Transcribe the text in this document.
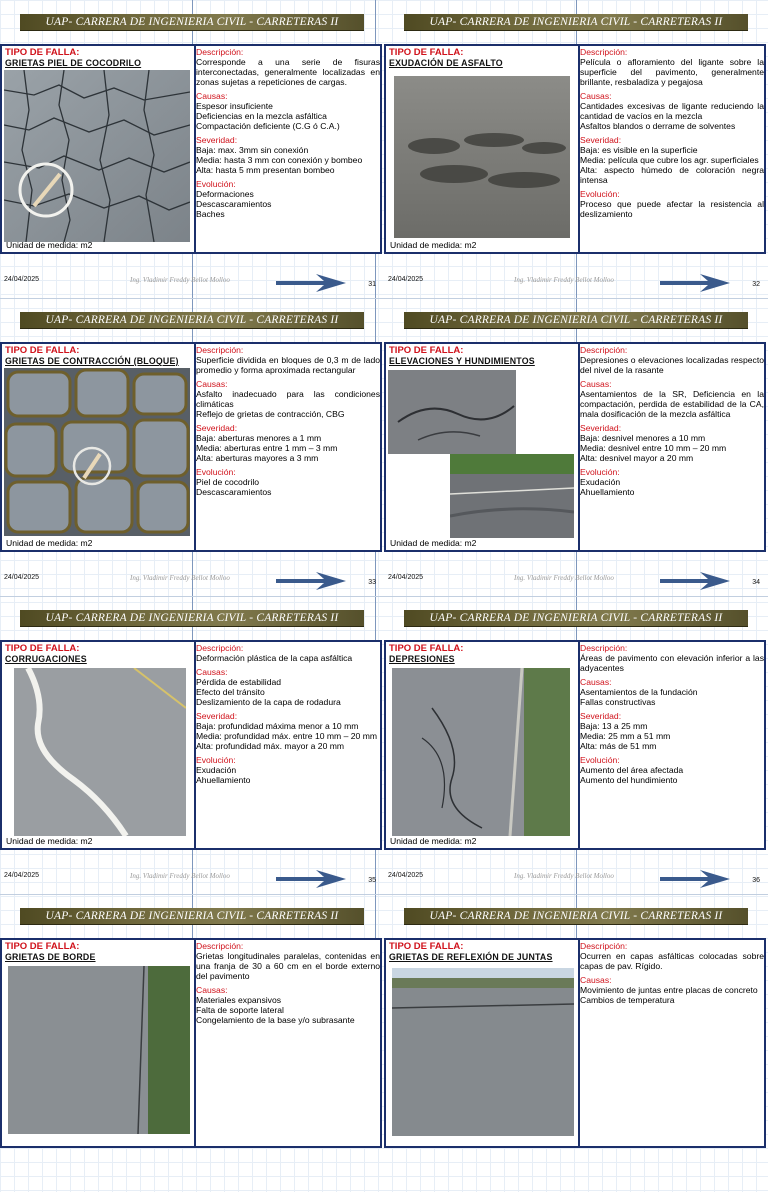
UAP- CARRERA DE INGENIERIA CIVIL - CARRETERAS II
TIPO DE FALLA:
GRIETAS PIEL DE COCODRILO
Unidad de medida: m2
Descripción:
Corresponde a una serie de fisuras interconectadas, generalmente localizadas en zonas sujetas a repeticiones de cargas.
Causas:
Espesor insuficiente
Deficiencias en la mezcla asfáltica
Compactación deficiente (C.G ó C.A.)
Severidad:
Baja: max. 3mm sin conexión
Media: hasta 3 mm con conexión y bombeo
Alta: hasta 5 mm presentan bombeo
Evolución:
Deformaciones
Descascaramientos
Baches
24/04/2025	Ing. Vladimir Freddy Bellot Molloo
31
UAP- CARRERA DE INGENIERIA CIVIL - CARRETERAS II
TIPO DE FALLA:
EXUDACIÓN DE ASFALTO
Unidad de medida: m2
Descripción:
Película o afloramiento del ligante sobre la superficie del pavimento, generalmente brillante, resbaladiza y pegajosa
Causas:
Cantidades excesivas de ligante reduciendo la cantidad de vacíos en la mezcla
Asfaltos blandos o derrame de solventes
Severidad:
Baja: es visible en la superficie
Media: película que cubre los agr. superficiales
Alta: aspecto húmedo de coloración negra intensa
Evolución:
Proceso que puede afectar la resistencia al deslizamiento
24/04/2025	Ing. Vladimir Freddy Bellot Molloo
32
UAP- CARRERA DE INGENIERIA CIVIL - CARRETERAS II
TIPO DE FALLA:
GRIETAS DE CONTRACCIÓN (BLOQUE)
Unidad de medida: m2
Descripción:
Superficie dividida en bloques de 0,3 m de lado promedio y forma aproximada rectangular
Causas:
Asfalto inadecuado para las condiciones climáticas
Reflejo de grietas de contracción, CBG
Severidad:
Baja: aberturas menores a 1 mm
Media: aberturas entre 1 mm – 3 mm
Alta: aberturas mayores a 3 mm
Evolución:
Piel de cocodrilo
Descascaramientos
24/04/2025	Ing. Vladimir Freddy Bellot Molloo
33
UAP- CARRERA DE INGENIERIA CIVIL - CARRETERAS II
TIPO DE FALLA:
ELEVACIONES Y HUNDIMIENTOS
Unidad de medida: m2
Descripción:
Depresiones o elevaciones localizadas respecto del nivel de la rasante
Causas:
Asentamientos de la SR, Deficiencia en la compactación, perdida de estabilidad de la CA, mala dosificación de la mezcla asfáltica
Severidad:
Baja: desnivel menores a 10 mm
Media: desnivel entre 10 mm – 20 mm
Alta: desnivel mayor a 20 mm
Evolución:
Exudación
Ahuellamiento
24/04/2025	Ing. Vladimir Freddy Bellot Molloo
34
UAP- CARRERA DE INGENIERIA CIVIL - CARRETERAS II
TIPO DE FALLA:
CORRUGACIONES
Unidad de medida: m2
Descripción:
Deformación plástica de la capa asfáltica
Causas:
Pérdida de estabilidad
Efecto del tránsito
Deslizamiento de la capa de rodadura
Severidad:
Baja: profundidad máxima menor a 10 mm
Media: profundidad máx. entre 10 mm – 20 mm
Alta: profundidad máx. mayor a 20 mm
Evolución:
Exudación
Ahuellamiento
24/04/2025	Ing. Vladimir Freddy Bellot Molloo
35
UAP- CARRERA DE INGENIERIA CIVIL - CARRETERAS II
TIPO DE FALLA:
DEPRESIONES
Unidad de medida: m2
Descripción:
Áreas de pavimento con elevación inferior a las adyacentes
Causas:
Asentamientos de la fundación
Fallas constructivas
Severidad:
Baja: 13 a 25 mm
Media: 25 mm a 51 mm
Alta: más de 51 mm
Evolución:
Aumento del área afectada
Aumento del hundimiento
24/04/2025	Ing. Vladimir Freddy Bellot Molloo
36
UAP- CARRERA DE INGENIERIA CIVIL - CARRETERAS II
TIPO DE FALLA:
GRIETAS DE BORDE
Descripción:
Grietas longitudinales paralelas, contenidas en una franja de 30 a 60 cm en el borde externo del pavimento
Causas:
Materiales expansivos
Falta de soporte lateral
Congelamiento de la base y/o subrasante
UAP- CARRERA DE INGENIERIA CIVIL - CARRETERAS II
TIPO DE FALLA:
GRIETAS DE REFLEXIÓN DE JUNTAS
Descripción:
Ocurren en capas asfálticas colocadas sobre capas de pav. Rígido.
Causas:
Movimiento de juntas entre placas de concreto
Cambios de temperatura
